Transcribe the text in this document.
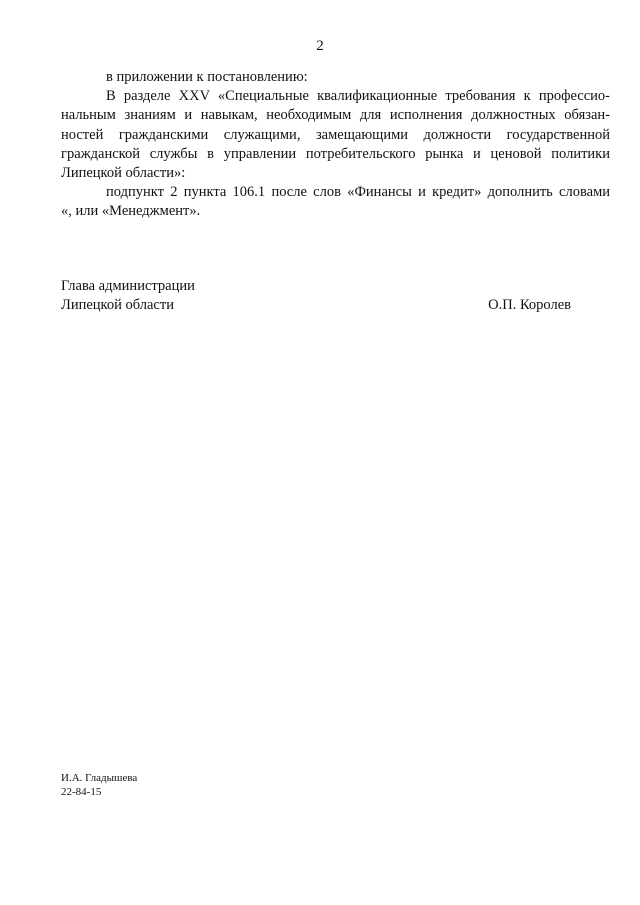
2

в приложении к постановлению:

В разделе XXV «Специальные квалификационные требования к профессио-
нальным знаниям и навыкам, необходимым для исполнения должностных обязан-
ностей гражданскими служащими, замещающими должности государственной
гражданской службы в управлении потребительского рынка и ценовой политики
Липецкой области»:

подпункт 2 пункта 106.1 после слов «Финансы и кредит» дополнить словами
«, или «Менеджмент».

Глава администрации
Липецкой области	О.П. Королев
И.А. Гладышева
22-84-15
